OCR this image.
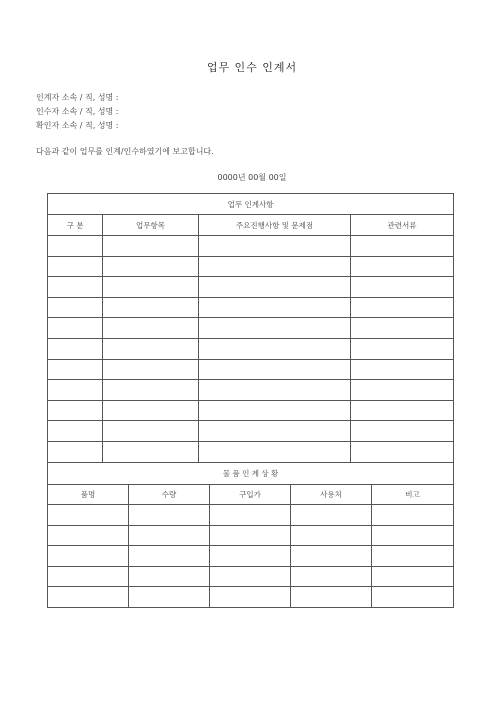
업무 인수 인계서
인계자 소속 / 직, 성명 :
인수자 소속 / 직, 성명 :
확인자 소속 / 직, 성명 :
다음과 같이 업무를 인계/인수하였기에 보고합니다.
0000년 00월 00일
업무 인계사항			
구 분	업무항목	주요진행사항 및 문제점	관련서류

물 품 인 계 상 황				
품명	수량	구입가	사용처	비고
